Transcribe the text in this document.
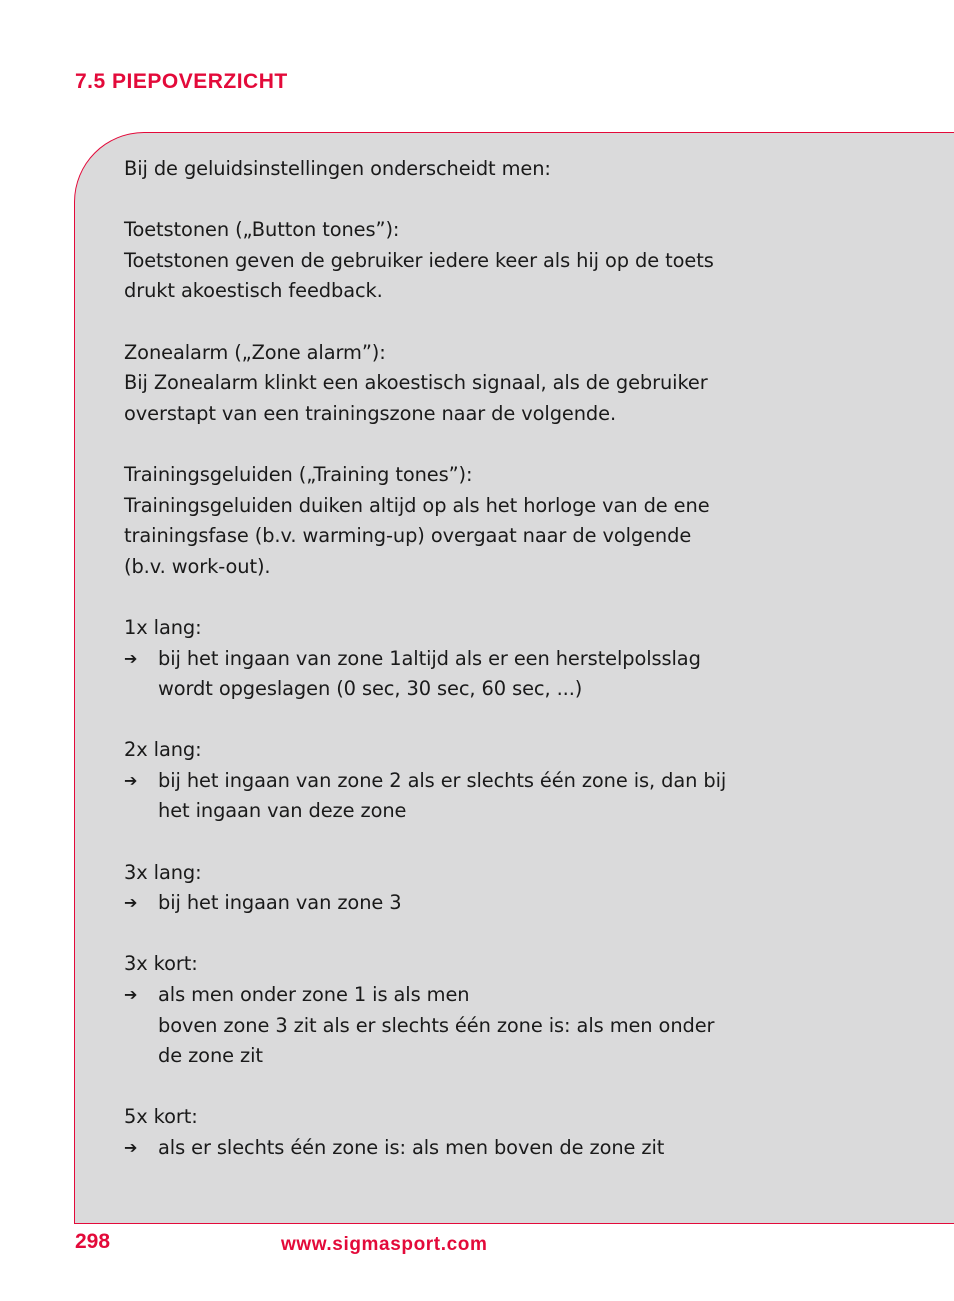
7.5 PIEPOVERZICHT

Bij de geluidsinstellingen onderscheidt men:

Toetstonen („Button tones”):

Toetstonen geven de gebruiker iedere keer als hij op de toets

drukt akoestisch feedback.

Zonealarm („Zone alarm”):

Bij Zonealarm klinkt een akoestisch signaal, als de gebruiker

overstapt van een trainingszone naar de volgende.

Trainingsgeluiden („Training tones”):

Trainingsgeluiden duiken altijd op als het horloge van de ene

trainingsfase (b.v. warming-up) overgaat naar de volgende

(b.v. work-out).

1x lang:

➔	bij het ingaan van zone 1altijd als er een herstelpolsslag

wordt opgeslagen (0 sec, 30 sec, 60 sec, ...)

2x lang:

➔	bij het ingaan van zone 2 als er slechts één zone is, dan bij

het ingaan van deze zone

3x lang:

➔	bij het ingaan van zone 3

3x kort:

➔	als men onder zone 1 is als men

boven zone 3 zit als er slechts één zone is: als men onder

de zone zit

5x kort:

➔	als er slechts één zone is: als men boven de zone zit

298	www.sigmasport.com
